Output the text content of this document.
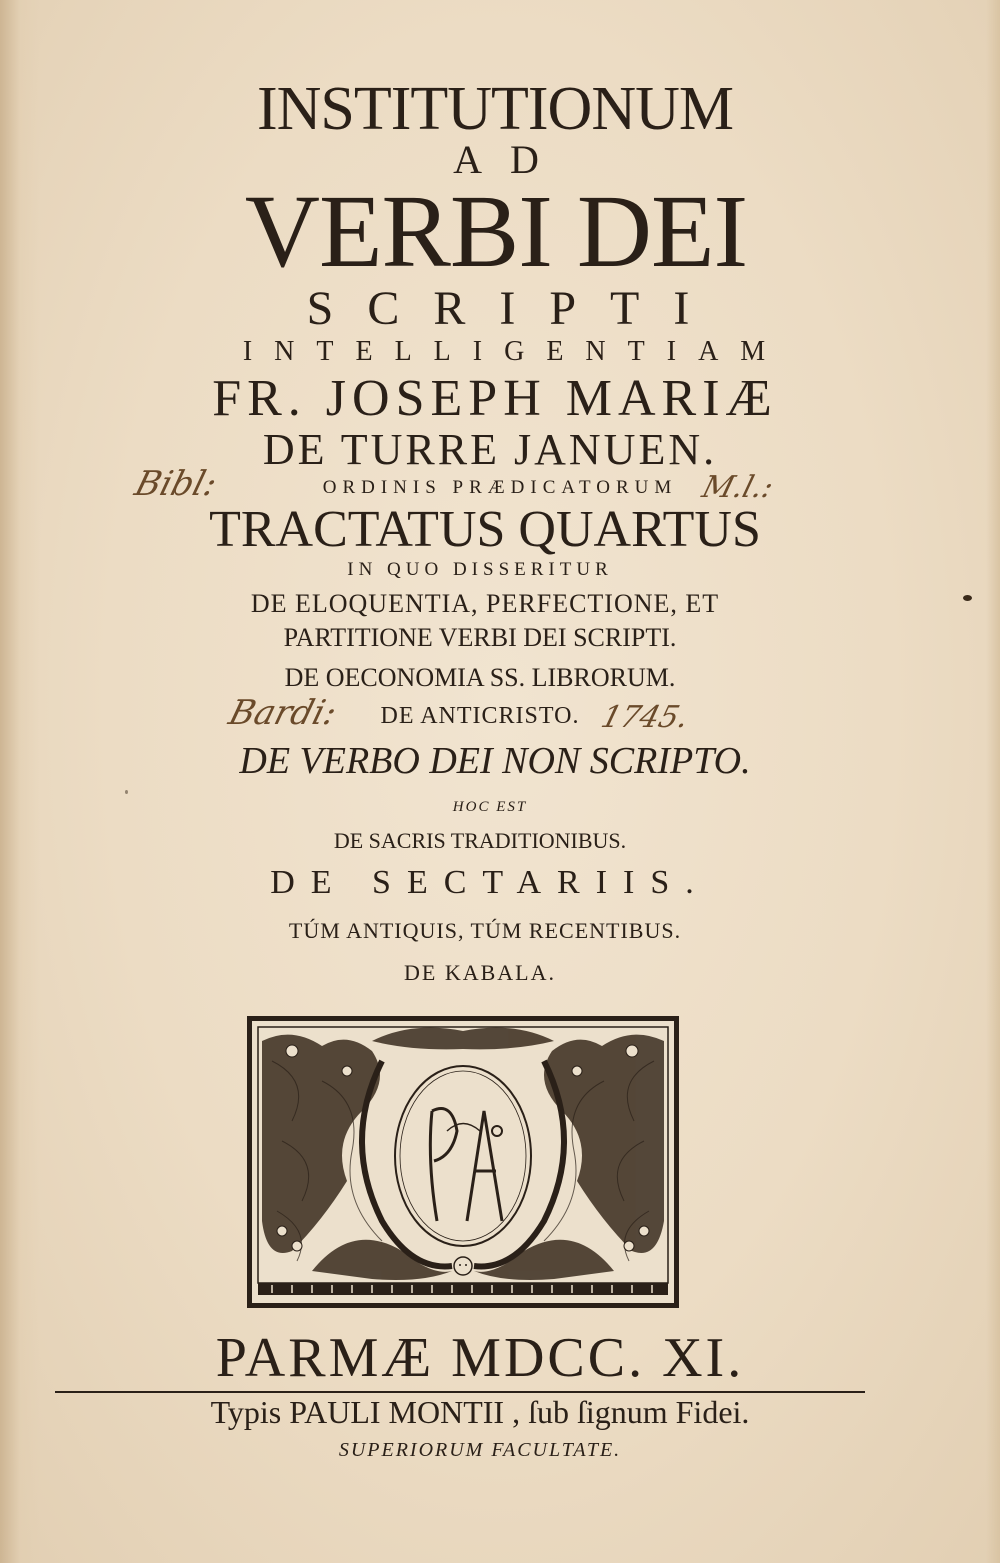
INSTITUTIONUM
AD
VERBI DEI
SCRIPTI
INTELLIGENTIAM
FR. JOSEPH MARIÆ
DE TURRE JANUEN.
ORDINIS PRÆDICATORUM
TRACTATUS QUARTUS
IN QUO DISSERITUR
DE ELOQUENTIA, PERFECTIONE, ET
PARTITIONE VERBI DEI SCRIPTI.
DE OECONOMIA SS. LIBRORUM.
DE ANTICRISTO.
DE VERBO DEI NON SCRIPTO.
HOC EST
DE SACRIS TRADITIONIBUS.
DE SECTARIIS.
TÚM ANTIQUIS, TÚM RECENTIBUS.
DE KABALA.
Bibl:	M.l.:
Bardi:	1745.
PARMÆ MDCC. XI.
Typis PAULI MONTII , ſub ſignum Fidei.
SUPERIORUM FACULTATE.
